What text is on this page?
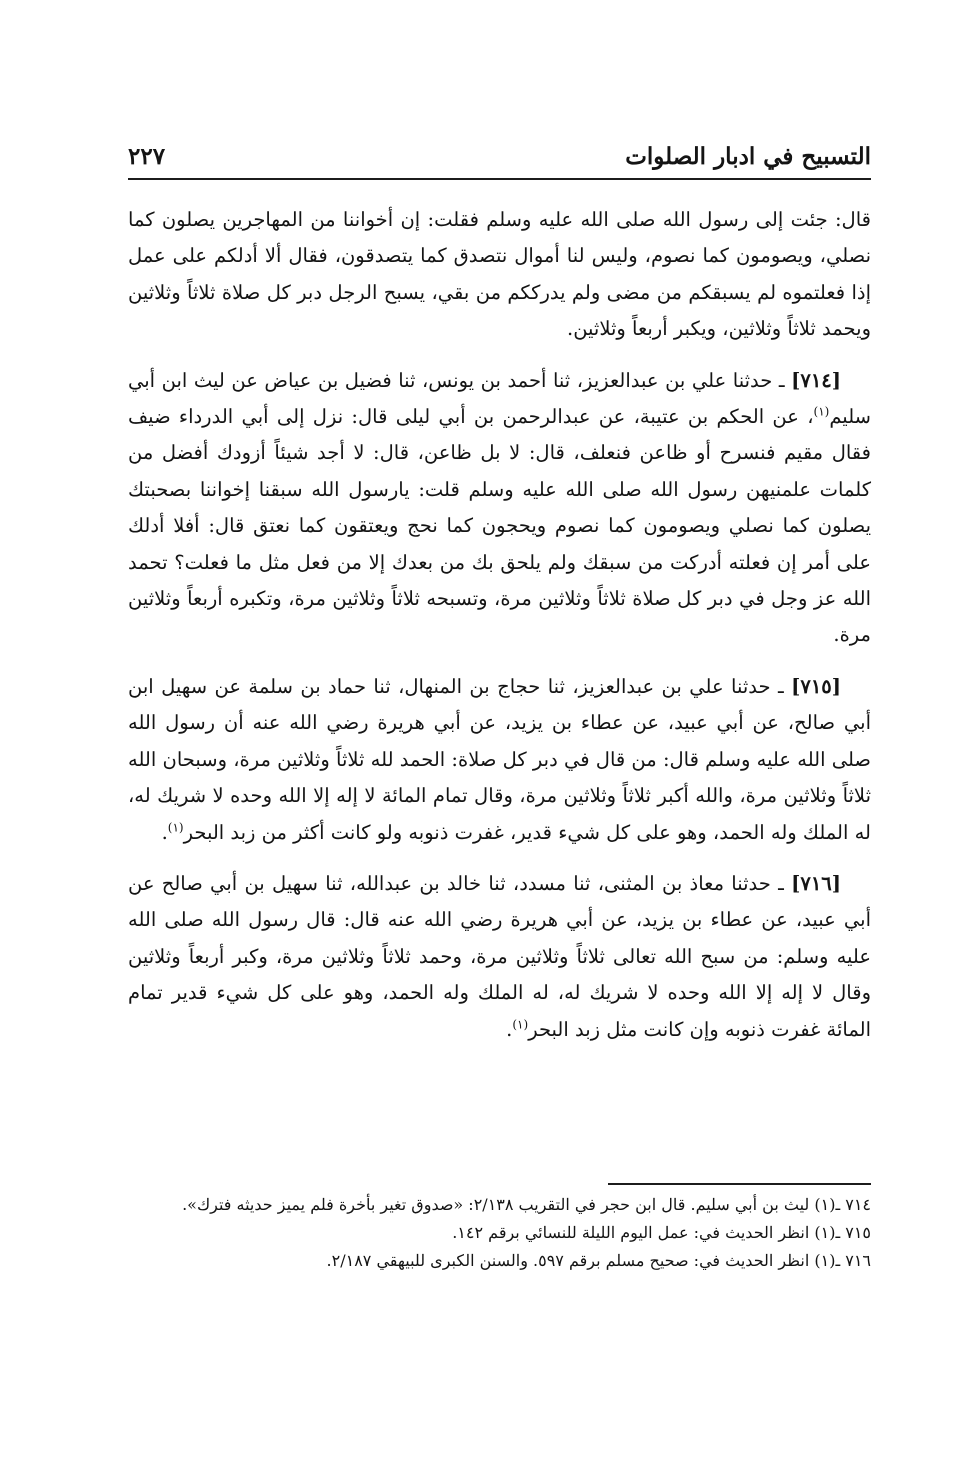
التسبيح في ادبار الصلوات
٢٢٧

قال: جئت إلى رسول الله صلى الله عليه وسلم فقلت: إن أخواننا من المهاجرين يصلون كما نصلي، ويصومون كما نصوم، وليس لنا أموال نتصدق كما يتصدقون، فقال ألا أدلكم على عمل إذا فعلتموه لم يسبقكم من مضى ولم يدرككم من بقي، يسبح الرجل دبر كل صلاة ثلاثاً وثلاثين ويحمد ثلاثاً وثلاثين، ويكبر أربعاً وثلاثين.

[٧١٤] ـ حدثنا علي بن عبدالعزيز، ثنا أحمد بن يونس، ثنا فضيل بن عياض عن ليث ابن أبي سليم$^{(١)}$، عن الحكم بن عتيبة، عن عبدالرحمن بن أبي ليلى قال: نزل إلى أبي الدرداء ضيف فقال مقيم فنسرح أو ظاعن فنعلف، قال: لا بل ظاعن، قال: لا أجد شيئاً أزودك أفضل من كلمات علمنيهن رسول الله صلى الله عليه وسلم قلت: يارسول الله سبقنا إخواننا بصحبتك يصلون كما نصلي ويصومون كما نصوم ويحجون كما نحج ويعتقون كما نعتق قال: أفلا أدلك على أمر إن فعلته أدركت من سبقك ولم يلحق بك من بعدك إلا من فعل مثل ما فعلت؟ تحمد الله عز وجل في دبر كل صلاة ثلاثاً وثلاثين مرة، وتسبحه ثلاثاً وثلاثين مرة، وتكبره أربعاً وثلاثين مرة.

[٧١٥] ـ حدثنا علي بن عبدالعزيز، ثنا حجاج بن المنهال، ثنا حماد بن سلمة عن سهيل ابن أبي صالح، عن أبي عبيد، عن عطاء بن يزيد، عن أبي هريرة رضي الله عنه أن رسول الله صلى الله عليه وسلم قال: من قال في دبر كل صلاة: الحمد لله ثلاثاً وثلاثين مرة، وسبحان الله ثلاثاً وثلاثين مرة، والله أكبر ثلاثاً وثلاثين مرة، وقال تمام المائة لا إله إلا الله وحده لا شريك له، له الملك وله الحمد، وهو على كل شيء قدير، غفرت ذنوبه ولو كانت أكثر من زبد البحر$^{(١)}$.

[٧١٦] ـ حدثنا معاذ بن المثنى، ثنا مسدد، ثنا خالد بن عبدالله، ثنا سهيل بن أبي صالح عن أبي عبيد، عن عطاء بن يزيد، عن أبي هريرة رضي الله عنه قال: قال رسول الله صلى الله عليه وسلم: من سبح الله تعالى ثلاثاً وثلاثين مرة، وحمد ثلاثاً وثلاثين مرة، وكبر أربعاً وثلاثين وقال لا إله إلا الله وحده لا شريك له، له الملك وله الحمد، وهو على كل شيء قدير تمام المائة غفرت ذنوبه وإن كانت مثل زبد البحر$^{(١)}$.

٧١٤ ـ(١) ليث بن أبي سليم. قال ابن حجر في التقريب ٢/١٣٨: «صدوق تغير بأخرة فلم يميز حديثه فترك».

٧١٥ ـ(١) انظر الحديث في: عمل اليوم الليلة للنسائي برقم ١٤٢.

٧١٦ ـ(١) انظر الحديث في: صحيح مسلم برقم ٥٩٧. والسنن الكبرى للبيهقي ٢/١٨٧.
